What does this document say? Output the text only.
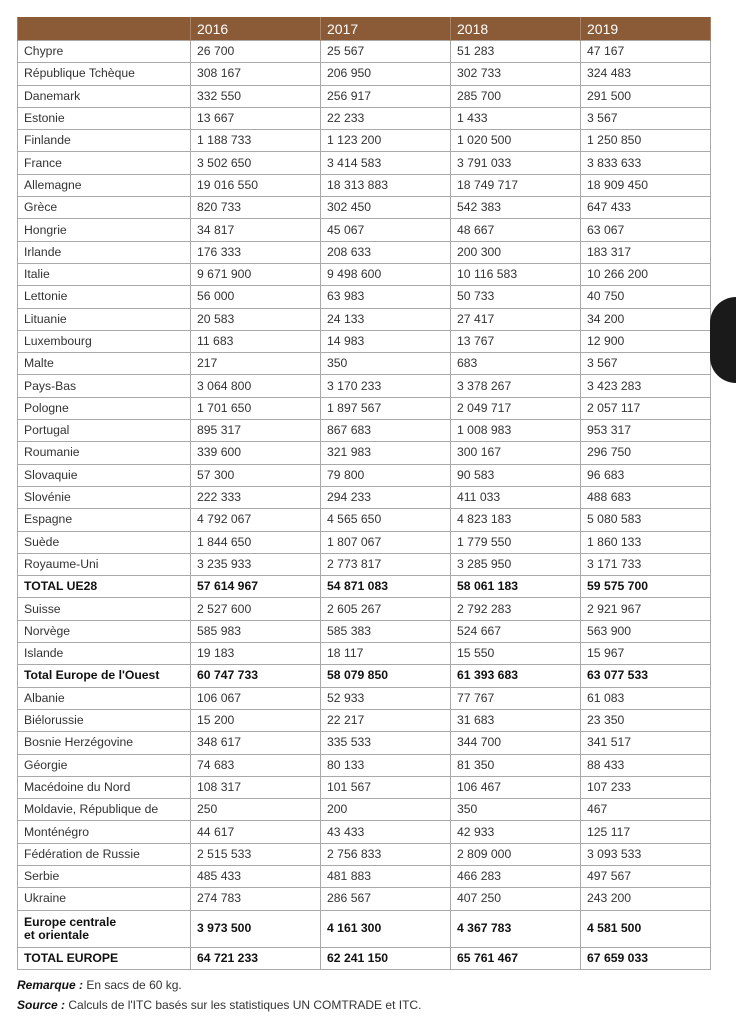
	2016	2017	2018	2019
Chypre	26 700	25 567	51 283	47 167
République Tchèque	308 167	206 950	302 733	324 483
Danemark	332 550	256 917	285 700	291 500
Estonie	13 667	22 233	1 433	3 567
Finlande	1 188 733	1 123 200	1 020 500	1 250 850
France	3 502 650	3 414 583	3 791 033	3 833 633
Allemagne	19 016 550	18 313 883	18 749 717	18 909 450
Grèce	820 733	302 450	542 383	647 433
Hongrie	34 817	45 067	48 667	63 067
Irlande	176 333	208 633	200 300	183 317
Italie	9 671 900	9 498 600	10 116 583	10 266 200
Lettonie	56 000	63 983	50 733	40 750
Lituanie	20 583	24 133	27 417	34 200
Luxembourg	11 683	14 983	13 767	12 900
Malte	217	350	683	3 567
Pays-Bas	3 064 800	3 170 233	3 378 267	3 423 283
Pologne	1 701 650	1 897 567	2 049 717	2 057 117
Portugal	895 317	867 683	1 008 983	953 317
Roumanie	339 600	321 983	300 167	296 750
Slovaquie	57 300	79 800	90 583	96 683
Slovénie	222 333	294 233	411 033	488 683
Espagne	4 792 067	4 565 650	4 823 183	5 080 583
Suède	1 844 650	1 807 067	1 779 550	1 860 133
Royaume-Uni	3 235 933	2 773 817	3 285 950	3 171 733
TOTAL UE28	57 614 967	54 871 083	58 061 183	59 575 700
Suisse	2 527 600	2 605 267	2 792 283	2 921 967
Norvège	585 983	585 383	524 667	563 900
Islande	19 183	18 117	15 550	15 967
Total Europe de l'Ouest	60 747 733	58 079 850	61 393 683	63 077 533
Albanie	106 067	52 933	77 767	61 083
Biélorussie	15 200	22 217	31 683	23 350
Bosnie Herzégovine	348 617	335 533	344 700	341 517
Géorgie	74 683	80 133	81 350	88 433
Macédoine du Nord	108 317	101 567	106 467	107 233
Moldavie, République de	250	200	350	467
Monténégro	44 617	43 433	42 933	125 117
Fédération de Russie	2 515 533	2 756 833	2 809 000	3 093 533
Serbie	485 433	481 883	466 283	497 567
Ukraine	274 783	286 567	407 250	243 200
Europe centrale
et orientale	3 973 500	4 161 300	4 367 783	4 581 500
TOTAL EUROPE	64 721 233	62 241 150	65 761 467	67 659 033
Remarque : En sacs de 60 kg.
Source : Calculs de l'ITC basés sur les statistiques UN COMTRADE et ITC.
